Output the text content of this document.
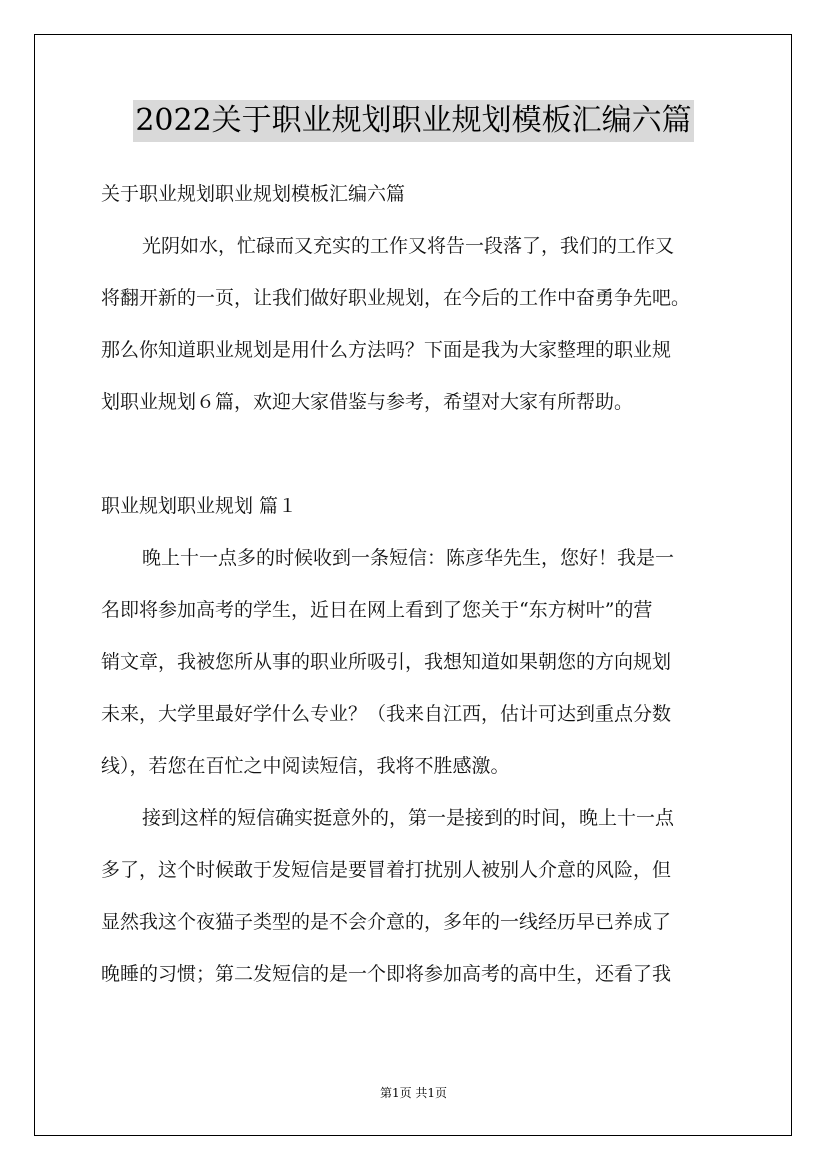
2022关于职业规划职业规划模板汇编六篇
关于职业规划职业规划模板汇编六篇
光阴如水，忙碌而又充实的工作又将告一段落了，我们的工作又
将翻开新的一页，让我们做好职业规划，在今后的工作中奋勇争先吧。
那么你知道职业规划是用什么方法吗？下面是我为大家整理的职业规
划职业规划６篇，欢迎大家借鉴与参考，希望对大家有所帮助。
职业规划职业规划 篇１
晚上十一点多的时候收到一条短信：陈彦华先生，您好！我是一
名即将参加高考的学生，近日在网上看到了您关于“东方树叶”的营
销文章，我被您所从事的职业所吸引，我想知道如果朝您的方向规划
未来，大学里最好学什么专业？（我来自江西，估计可达到重点分数
线），若您在百忙之中阅读短信，我将不胜感激。
接到这样的短信确实挺意外的，第一是接到的时间，晚上十一点
多了，这个时候敢于发短信是要冒着打扰别人被别人介意的风险，但
显然我这个夜猫子类型的是不会介意的，多年的一线经历早已养成了
晚睡的习惯；第二发短信的是一个即将参加高考的高中生，还看了我
第1页 共1页
